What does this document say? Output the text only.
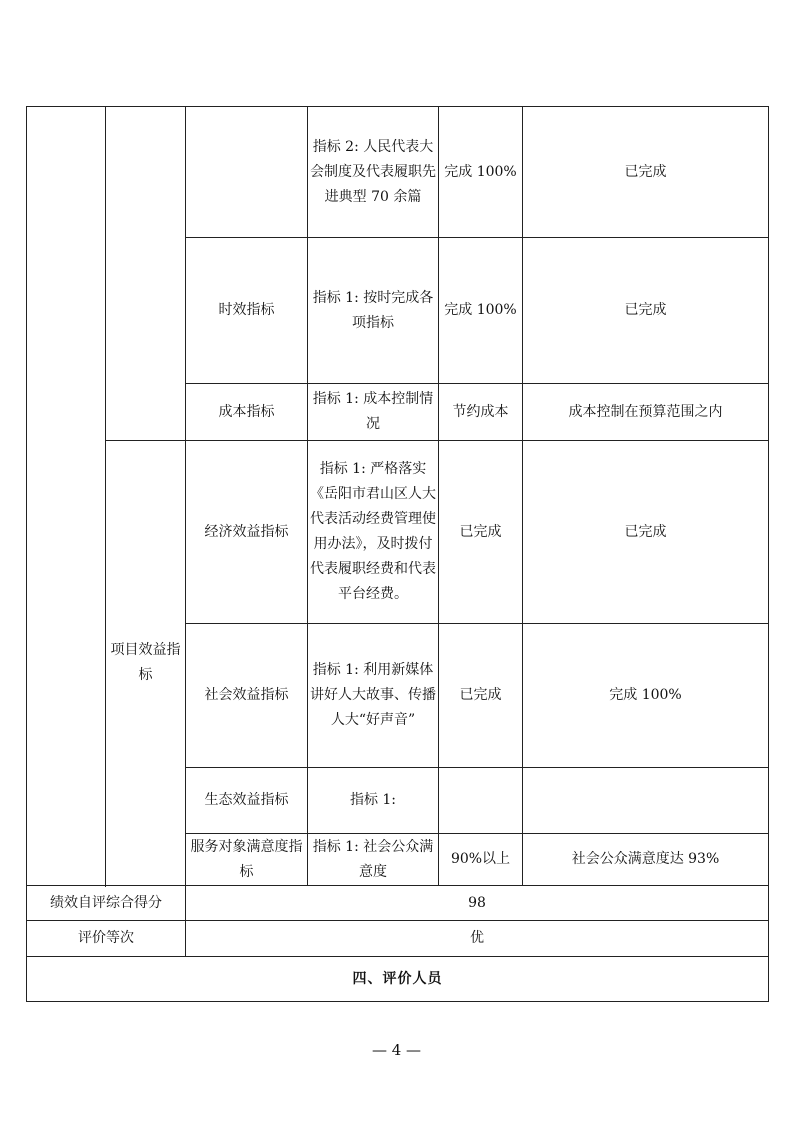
			指标 2: 人民代表大会制度及代表履职先进典型 70 余篇	完成 100%	已完成
		时效指标	指标 1: 按时完成各项指标	完成 100%	已完成
		成本指标	指标 1: 成本控制情况	节约成本	成本控制在预算范围之内
	项目效益指标	经济效益指标	指标 1: 严格落实《岳阳市君山区人大代表活动经费管理使用办法》，及时拨付代表履职经费和代表平台经费。	已完成	已完成
		社会效益指标	指标 1: 利用新媒体讲好人大故事、传播人大“好声音”	已完成	完成 100%
		生态效益指标	指标 1:		
		服务对象满意度指标	指标 1: 社会公众满意度	90%以上	社会公众满意度达 93%

绩效自评综合得分		98			
评价等次		优			
四、评价人员					
— 4 —
